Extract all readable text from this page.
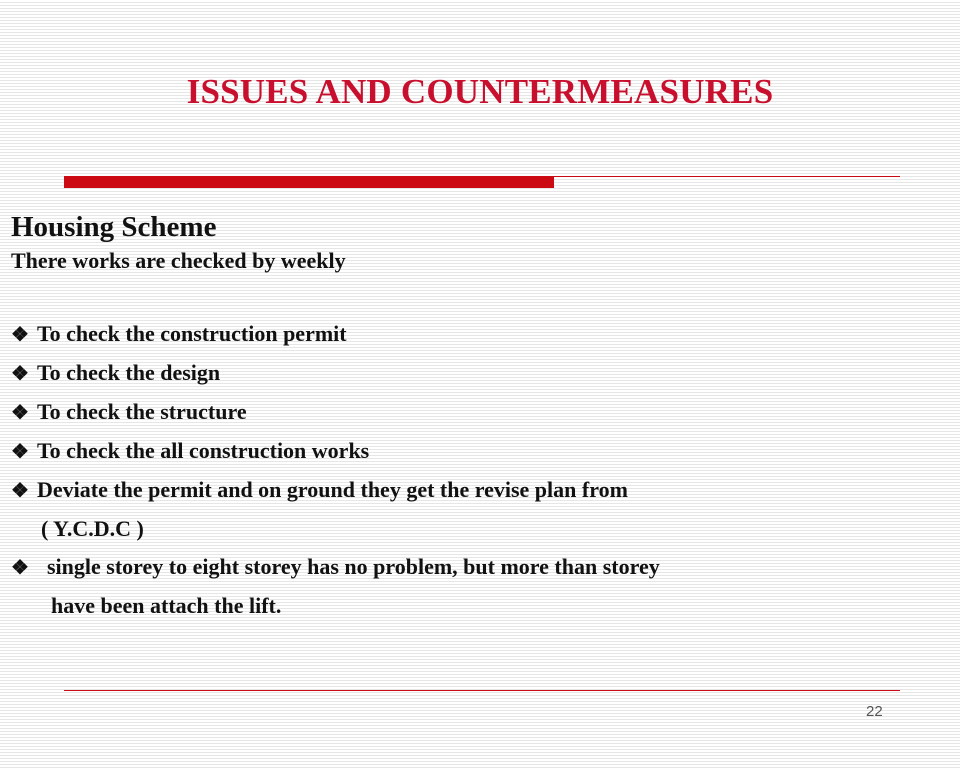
ISSUES AND COUNTERMEASURES
Housing Scheme
There works are checked by weekly
❖ To check the construction permit
❖ To check the design
❖ To check the structure
❖ To check the all construction works
❖ Deviate the permit and on ground they get the revise plan from
( Y.C.D.C )
❖ single storey to eight storey has no problem, but more than storey
have been attach the lift.
22
